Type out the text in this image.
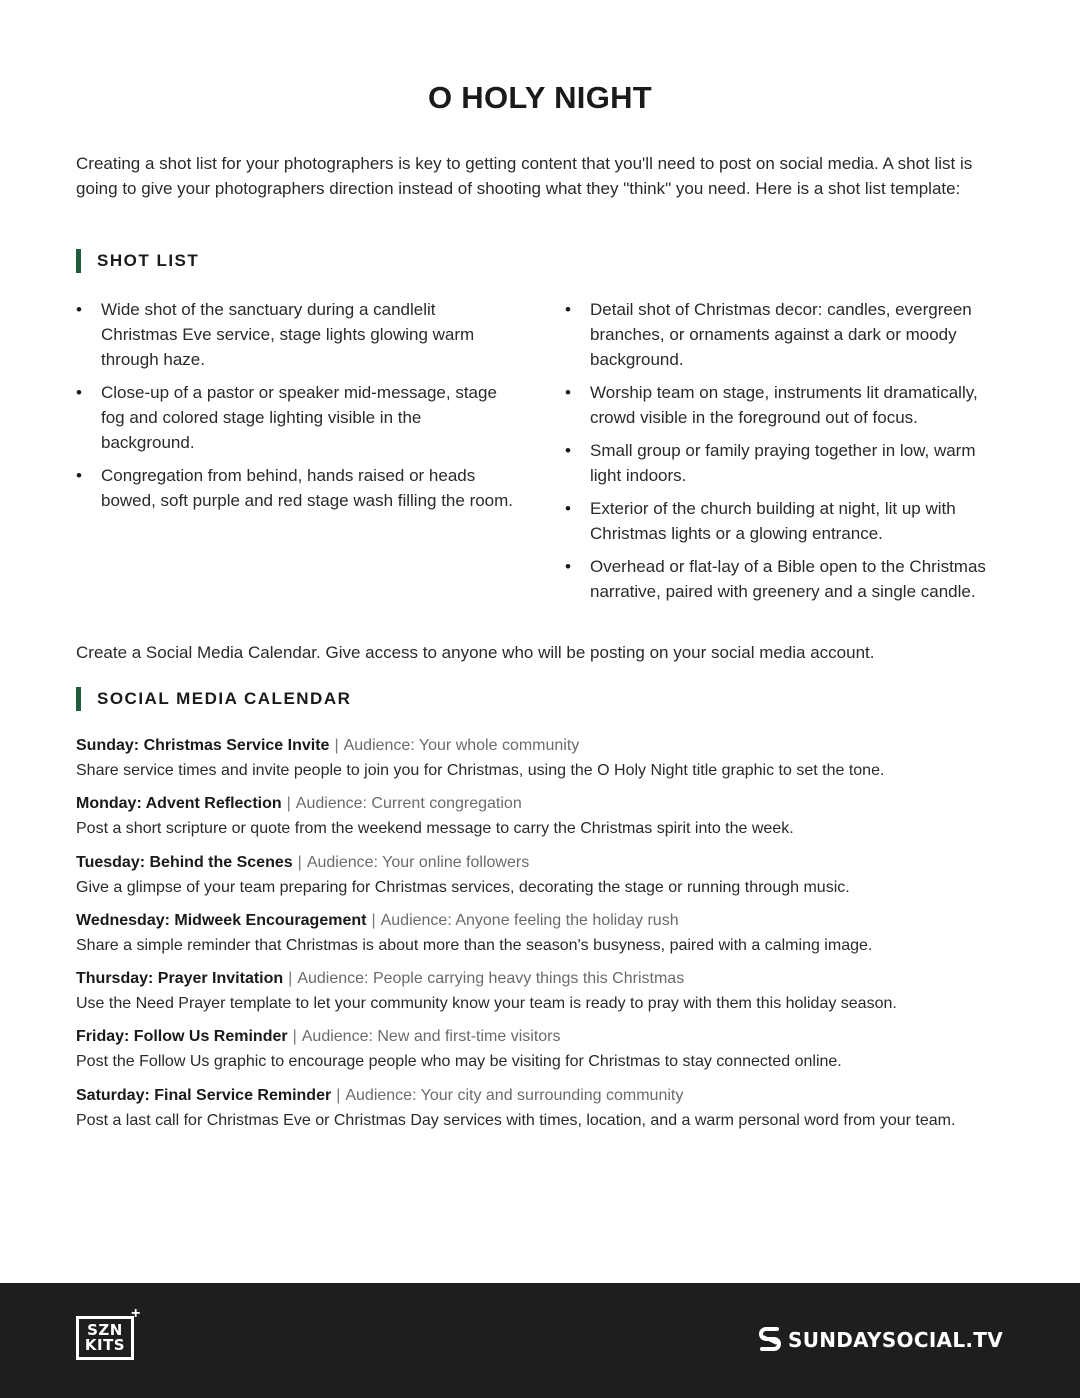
O HOLY NIGHT

Creating a shot list for your photographers is key to getting content that you'll need to post on social media. A shot list is going to give your photographers direction instead of shooting what they "think" you need. Here is a shot list template:

SHOT LIST
• Wide shot of the sanctuary during a candlelit Christmas Eve service, stage lights glowing warm through haze.
• Close-up of a pastor or speaker mid-message, stage fog and colored stage lighting visible in the background.
• Congregation from behind, hands raised or heads bowed, soft purple and red stage wash filling the room.
• Detail shot of Christmas decor: candles, evergreen branches, or ornaments against a dark or moody background.
• Worship team on stage, instruments lit dramatically, crowd visible in the foreground out of focus.
• Small group or family praying together in low, warm light indoors.
• Exterior of the church building at night, lit up with Christmas lights or a glowing entrance.
• Overhead or flat-lay of a Bible open to the Christmas narrative, paired with greenery and a single candle.

Create a Social Media Calendar. Give access to anyone who will be posting on your social media account.

SOCIAL MEDIA CALENDAR
Sunday: Christmas Service Invite | Audience: Your whole community
Share service times and invite people to join you for Christmas, using the O Holy Night title graphic to set the tone.
Monday: Advent Reflection | Audience: Current congregation
Post a short scripture or quote from the weekend message to carry the Christmas spirit into the week.
Tuesday: Behind the Scenes | Audience: Your online followers
Give a glimpse of your team preparing for Christmas services, decorating the stage or running through music.
Wednesday: Midweek Encouragement | Audience: Anyone feeling the holiday rush
Share a simple reminder that Christmas is about more than the season's busyness, paired with a calming image.
Thursday: Prayer Invitation | Audience: People carrying heavy things this Christmas
Use the Need Prayer template to let your community know your team is ready to pray with them this holiday season.
Friday: Follow Us Reminder | Audience: New and first-time visitors
Post the Follow Us graphic to encourage people who may be visiting for Christmas to stay connected online.
Saturday: Final Service Reminder | Audience: Your city and surrounding community
Post a last call for Christmas Eve or Christmas Day services with times, location, and a warm personal word from your team.
SZN
KITS
+
SUNDAYSOCIAL.TV
